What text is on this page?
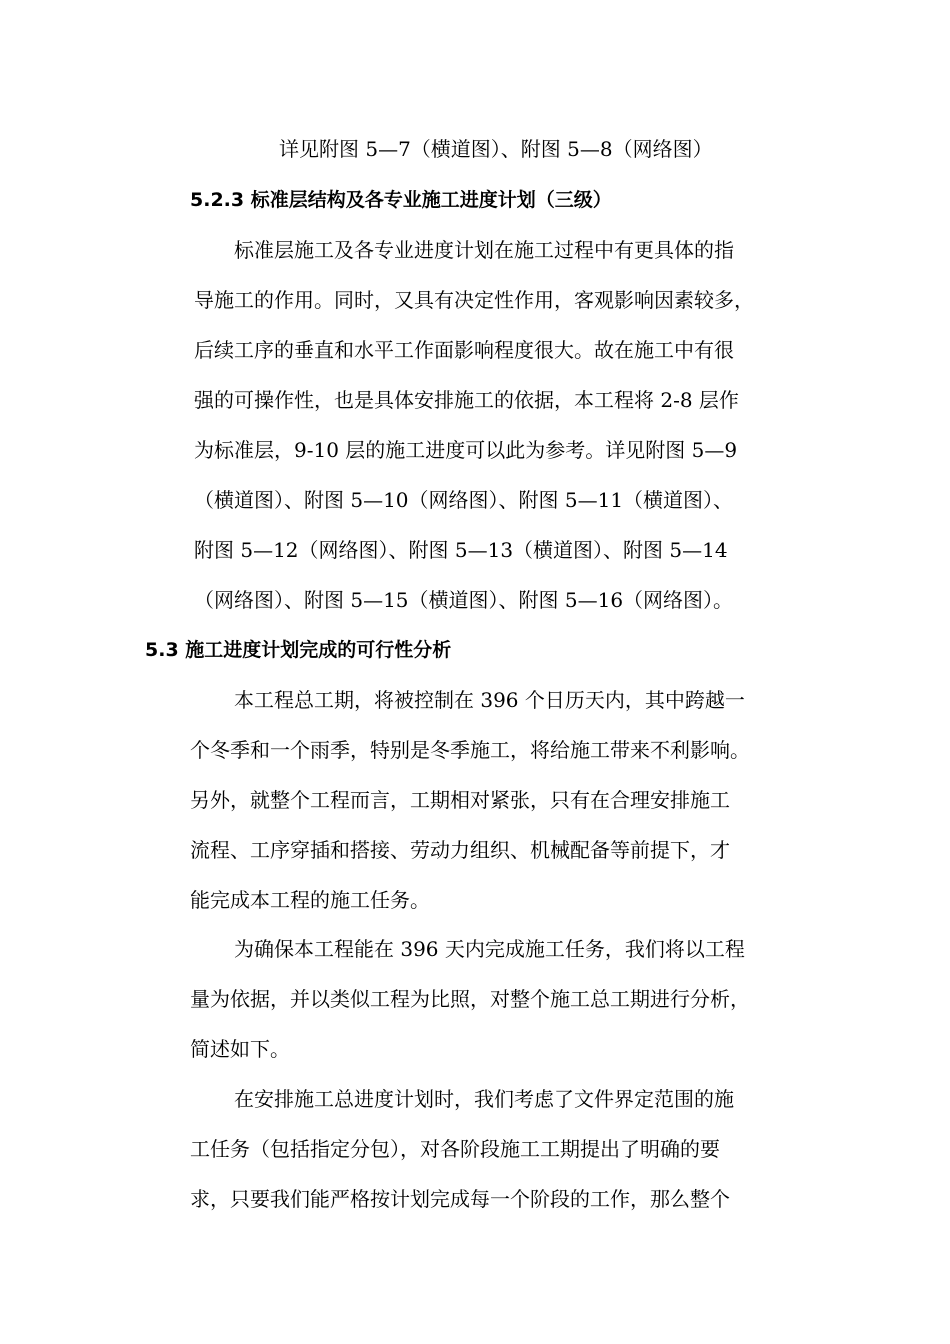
详见附图 5—7（横道图）、附图 5—8（网络图）
5.2.3 标准层结构及各专业施工进度计划（三级）
标准层施工及各专业进度计划在施工过程中有更具体的指
导施工的作用。同时，又具有决定性作用，客观影响因素较多，
后续工序的垂直和水平工作面影响程度很大。故在施工中有很
强的可操作性，也是具体安排施工的依据，本工程将 2-8 层作
为标准层，9-10 层的施工进度可以此为参考。详见附图 5—9
（横道图）、附图 5—10（网络图）、附图 5—11（横道图）、
附图 5—12（网络图）、附图 5—13（横道图）、附图 5—14
（网络图）、附图 5—15（横道图）、附图 5—16（网络图）。
5.3 施工进度计划完成的可行性分析
本工程总工期，将被控制在 396 个日历天内，其中跨越一
个冬季和一个雨季，特别是冬季施工，将给施工带来不利影响。
另外，就整个工程而言，工期相对紧张，只有在合理安排施工
流程、工序穿插和搭接、劳动力组织、机械配备等前提下，才
能完成本工程的施工任务。
为确保本工程能在 396 天内完成施工任务，我们将以工程
量为依据，并以类似工程为比照，对整个施工总工期进行分析，
简述如下。
在安排施工总进度计划时，我们考虑了文件界定范围的施
工任务（包括指定分包），对各阶段施工工期提出了明确的要
求，只要我们能严格按计划完成每一个阶段的工作，那么整个
